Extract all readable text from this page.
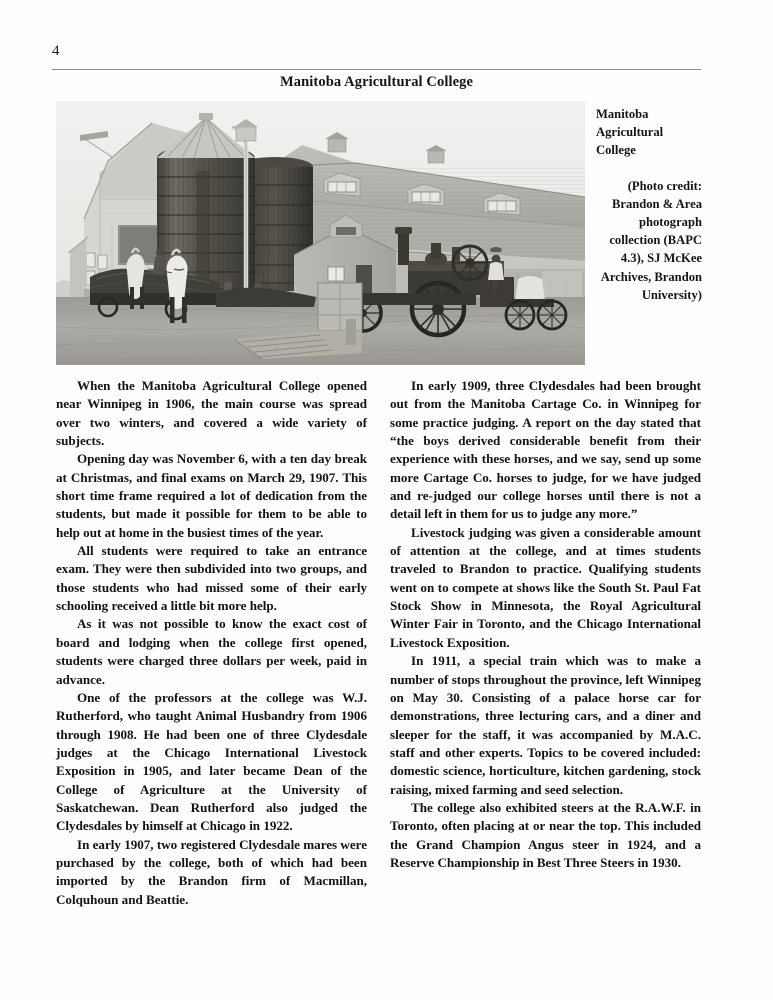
4
Manitoba Agricultural College
Manitoba Agricultural College
(Photo credit: Brandon & Area photograph collection (BAPC 4.3), SJ McKee Archives, Brandon University)

When the Manitoba Agricultural College opened near Winnipeg in 1906, the main course was spread over two winters, and covered a wide variety of subjects.

Opening day was November 6, with a ten day break at Christmas, and final exams on March 29, 1907. This short time frame required a lot of dedication from the students, but made it possible for them to be able to help out at home in the busiest times of the year.

All students were required to take an entrance exam. They were then subdivided into two groups, and those students who had missed some of their early schooling received a little bit more help.

As it was not possible to know the exact cost of board and lodging when the college first opened, students were charged three dollars per week, paid in advance.

One of the professors at the college was W.J. Rutherford, who taught Animal Husbandry from 1906 through 1908. He had been one of three Clydesdale judges at the Chicago International Livestock Exposition in 1905, and later became Dean of the College of Agriculture at the University of Saskatchewan. Dean Rutherford also judged the Clydesdales by himself at Chicago in 1922.

In early 1907, two registered Clydesdale mares were purchased by the college, both of which had been imported by the Brandon firm of Macmillan, Colquhoun and Beattie.

In early 1909, three Clydesdales had been brought out from the Manitoba Cartage Co. in Winnipeg for some practice judging. A report on the day stated that “the boys derived considerable benefit from their experience with these horses, and we say, send up some more Cartage Co. horses to judge, for we have judged and re-judged our college horses until there is not a detail left in them for us to judge any more.”

Livestock judging was given a considerable amount of attention at the college, and at times students traveled to Brandon to practice. Qualifying students went on to compete at shows like the South St. Paul Fat Stock Show in Minnesota, the Royal Agricultural Winter Fair in Toronto, and the Chicago International Livestock Exposition.

In 1911, a special train which was to make a number of stops throughout the province, left Winnipeg on May 30. Consisting of a palace horse car for demonstrations, three lecturing cars, and a diner and sleeper for the staff, it was accompanied by M.A.C. staff and other experts. Topics to be covered included: domestic science, horticulture, kitchen gardening, stock raising, mixed farming and seed selection.

The college also exhibited steers at the R.A.W.F. in Toronto, often placing at or near the top. This included the Grand Champion Angus steer in 1924, and a Reserve Championship in Best Three Steers in 1930.
